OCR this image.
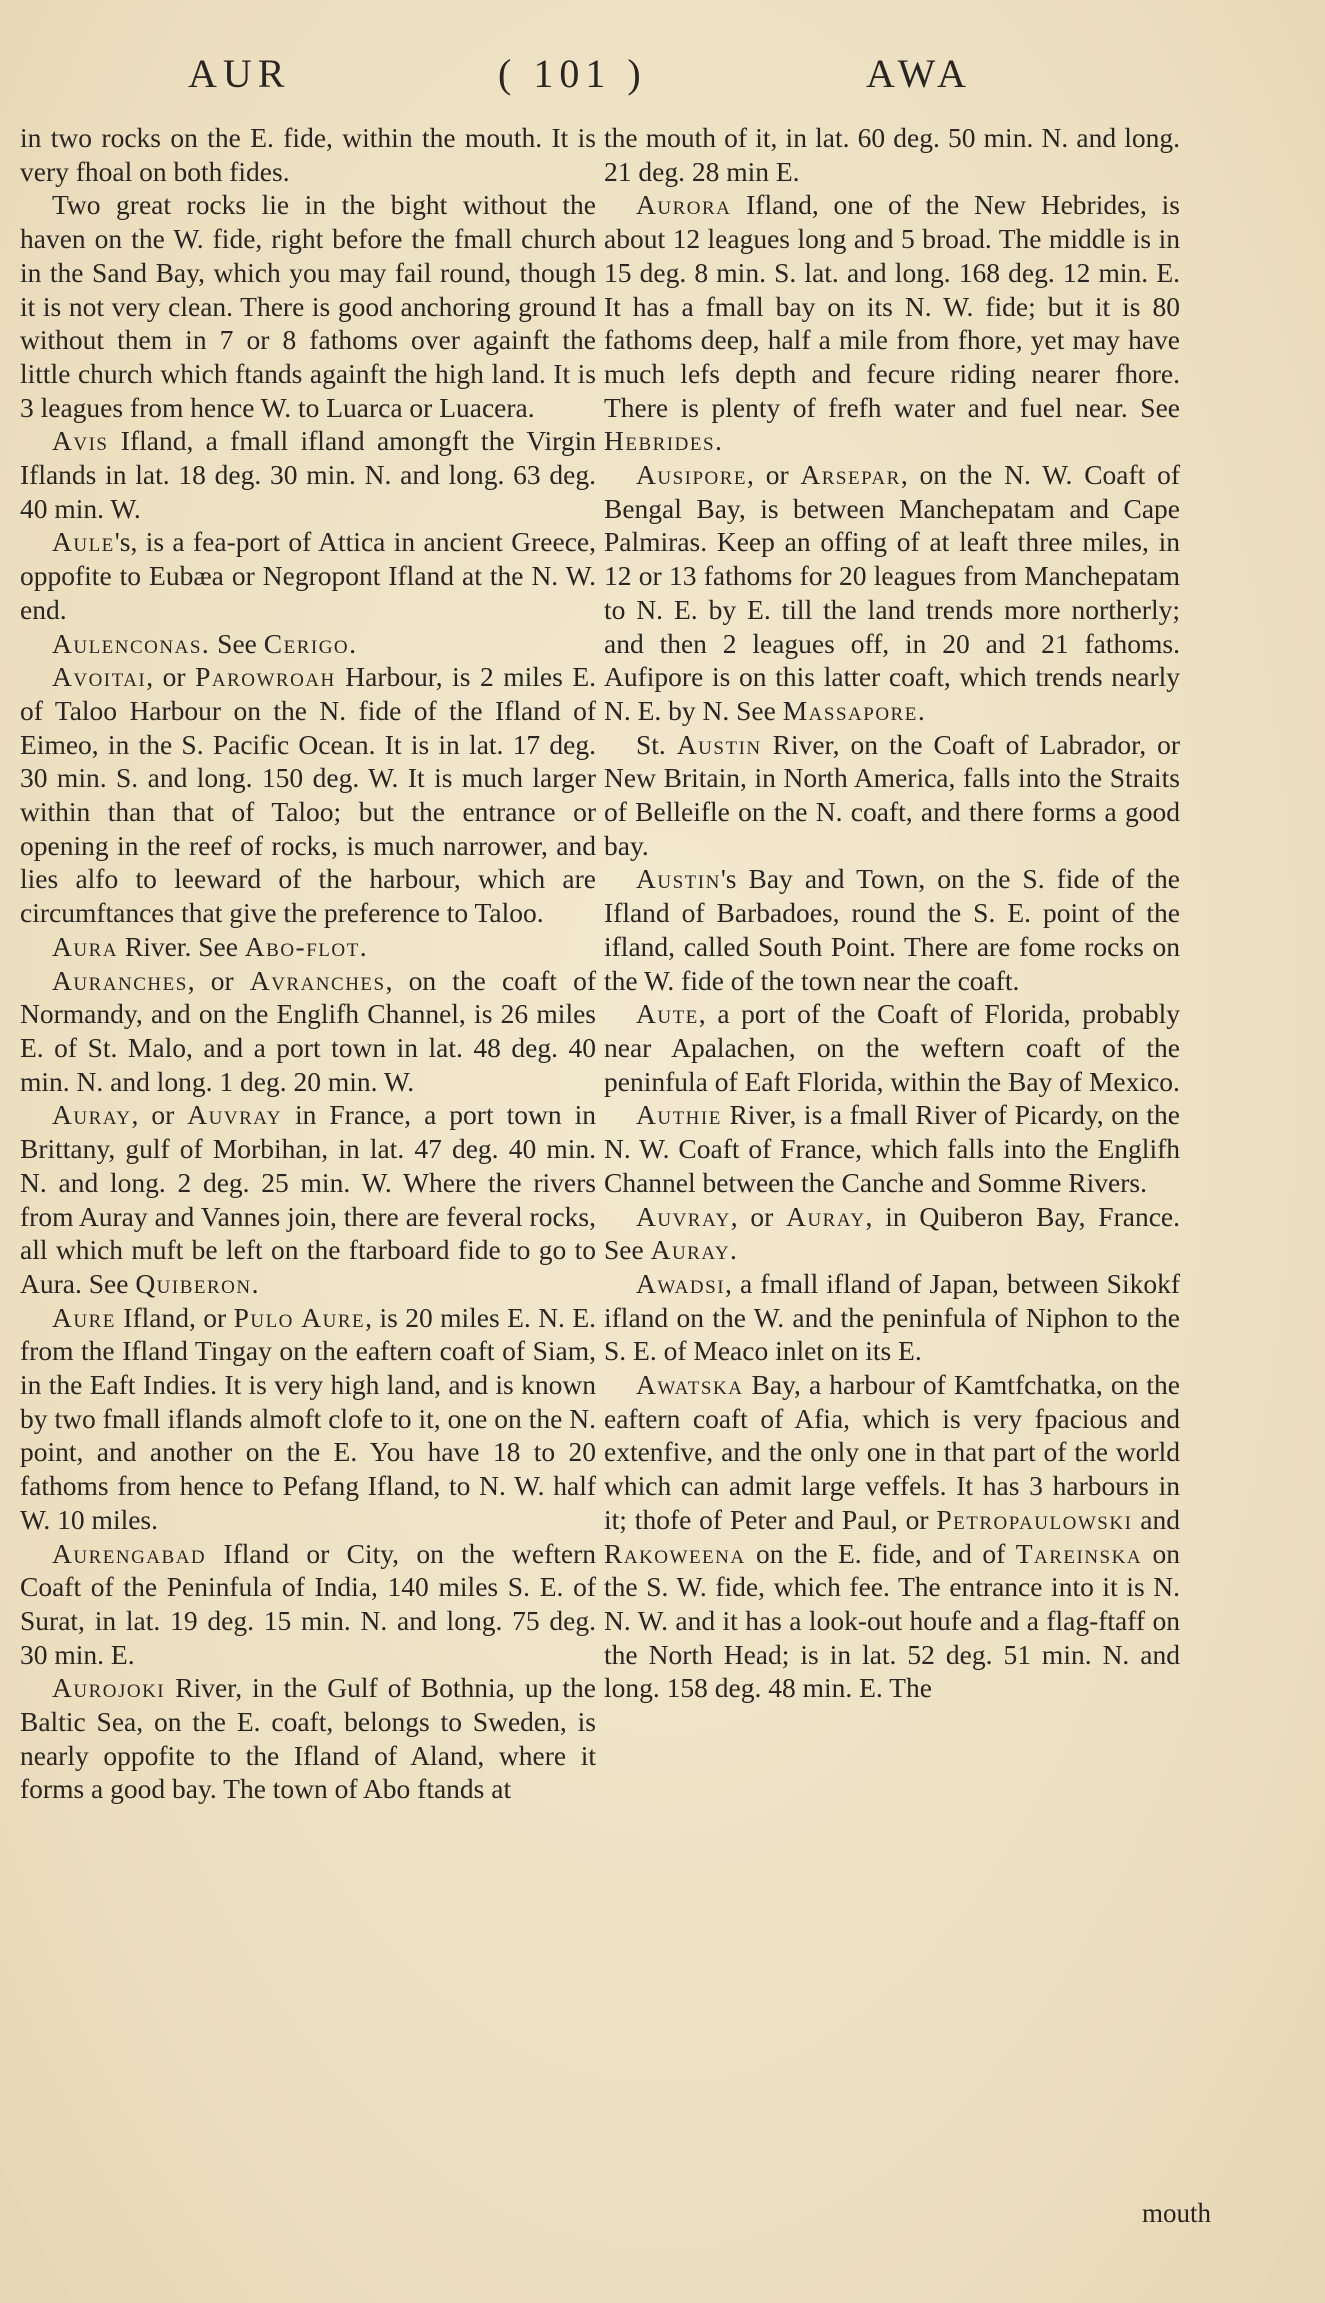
AUR	( 101 )	AWA

in two rocks on the E. fide, within the mouth. It is very fhoal on both fides.

Two great rocks lie in the bight without the haven on the W. fide, right before the fmall church in the Sand Bay, which you may fail round, though it is not very clean. There is good anchoring ground without them in 7 or 8 fathoms over againft the little church which ftands againft the high land. It is 3 leagues from hence W. to Luarca or Luacera.

Avis Ifland, a fmall ifland amongft the Virgin Iflands in lat. 18 deg. 30 min. N. and long. 63 deg. 40 min. W.

Aule's, is a fea-port of Attica in ancient Greece, oppofite to Eubæa or Negropont Ifland at the N. W. end.

Aulenconas. See Cerigo.

Avoitai, or Parowroah Harbour, is 2 miles E. of Taloo Harbour on the N. fide of the Ifland of Eimeo, in the S. Pacific Ocean. It is in lat. 17 deg. 30 min. S. and long. 150 deg. W. It is much larger within than that of Taloo; but the entrance or opening in the reef of rocks, is much narrower, and lies alfo to leeward of the harbour, which are circumftances that give the preference to Taloo.

Aura River. See Abo-flot.

Auranches, or Avranches, on the coaft of Normandy, and on the Englifh Channel, is 26 miles E. of St. Malo, and a port town in lat. 48 deg. 40 min. N. and long. 1 deg. 20 min. W.

Auray, or Auvray in France, a port town in Brittany, gulf of Morbihan, in lat. 47 deg. 40 min. N. and long. 2 deg. 25 min. W. Where the rivers from Auray and Vannes join, there are feveral rocks, all which muft be left on the ftarboard fide to go to Aura. See Quiberon.

Aure Ifland, or Pulo Aure, is 20 miles E. N. E. from the Ifland Tingay on the eaftern coaft of Siam, in the Eaft Indies. It is very high land, and is known by two fmall iflands almoft clofe to it, one on the N. point, and another on the E. You have 18 to 20 fathoms from hence to Pefang Ifland, to N. W. half W. 10 miles.

Aurengabad Ifland or City, on the weftern Coaft of the Peninfula of India, 140 miles S. E. of Surat, in lat. 19 deg. 15 min. N. and long. 75 deg. 30 min. E.

Aurojoki River, in the Gulf of Bothnia, up the Baltic Sea, on the E. coaft, belongs to Sweden, is nearly oppofite to the Ifland of Aland, where it forms a good bay. The town of Abo ftands at

the mouth of it, in lat. 60 deg. 50 min. N. and long. 21 deg. 28 min E.

Aurora Ifland, one of the New Hebrides, is about 12 leagues long and 5 broad. The middle is in 15 deg. 8 min. S. lat. and long. 168 deg. 12 min. E. It has a fmall bay on its N. W. fide; but it is 80 fathoms deep, half a mile from fhore, yet may have much lefs depth and fecure riding nearer fhore. There is plenty of frefh water and fuel near. See Hebrides.

Ausipore, or Arsepar, on the N. W. Coaft of Bengal Bay, is between Manchepatam and Cape Palmiras. Keep an offing of at leaft three miles, in 12 or 13 fathoms for 20 leagues from Manchepatam to N. E. by E. till the land trends more northerly; and then 2 leagues off, in 20 and 21 fathoms. Aufipore is on this latter coaft, which trends nearly N. E. by N. See Massapore.

St. Austin River, on the Coaft of Labrador, or New Britain, in North America, falls into the Straits of Belleifle on the N. coaft, and there forms a good bay.

Austin's Bay and Town, on the S. fide of the Ifland of Barbadoes, round the S. E. point of the ifland, called South Point. There are fome rocks on the W. fide of the town near the coaft.

Aute, a port of the Coaft of Florida, probably near Apalachen, on the weftern coaft of the peninfula of Eaft Florida, within the Bay of Mexico.

Authie River, is a fmall River of Picardy, on the N. W. Coaft of France, which falls into the Englifh Channel between the Canche and Somme Rivers.

Auvray, or Auray, in Quiberon Bay, France. See Auray.

Awadsi, a fmall ifland of Japan, between Sikokf ifland on the W. and the peninfula of Niphon to the S. E. of Meaco inlet on its E.

Awatska Bay, a harbour of Kamtfchatka, on the eaftern coaft of Afia, which is very fpacious and extenfive, and the only one in that part of the world which can admit large veffels. It has 3 harbours in it; thofe of Peter and Paul, or Petropaulowski and Rakoweena on the E. fide, and of Tareinska on the S. W. fide, which fee. The entrance into it is N. N. W. and it has a look-out houfe and a flag-ftaff on the North Head; is in lat. 52 deg. 51 min. N. and long. 158 deg. 48 min. E. The

mouth
